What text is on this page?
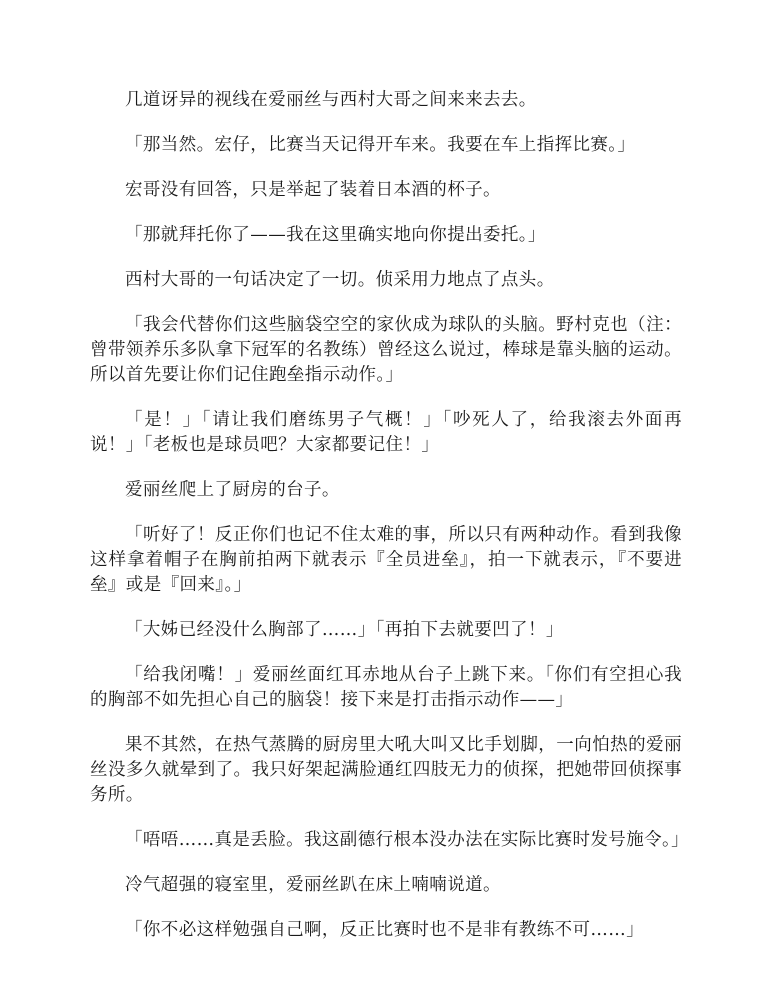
几道讶异的视线在爱丽丝与西村大哥之间来来去去。

「那当然。宏仔，比赛当天记得开车来。我要在车上指挥比赛。」

宏哥没有回答，只是举起了装着日本酒的杯子。

「那就拜托你了——我在这里确实地向你提出委托。」

西村大哥的一句话决定了一切。侦采用力地点了点头。

「我会代替你们这些脑袋空空的家伙成为球队的头脑。野村克也（注：曾带领养乐多队拿下冠军的名教练）曾经这么说过，棒球是靠头脑的运动。所以首先要让你们记住跑垒指示动作。」

「是！」「请让我们磨练男子气概！」「吵死人了，给我滚去外面再说！」「老板也是球员吧？大家都要记住！」

爱丽丝爬上了厨房的台子。

「听好了！反正你们也记不住太难的事，所以只有两种动作。看到我像这样拿着帽子在胸前拍两下就表示『全员进垒』，拍一下就表示，『不要进垒』或是『回来』。」

「大姊已经没什么胸部了……」「再拍下去就要凹了！」

「给我闭嘴！」爱丽丝面红耳赤地从台子上跳下来。「你们有空担心我的胸部不如先担心自己的脑袋！接下来是打击指示动作——」

果不其然，在热气蒸腾的厨房里大吼大叫又比手划脚，一向怕热的爱丽丝没多久就晕到了。我只好架起满脸通红四肢无力的侦探，把她带回侦探事务所。

「唔唔……真是丢脸。我这副德行根本没办法在实际比赛时发号施令。」

冷气超强的寝室里，爱丽丝趴在床上喃喃说道。

「你不必这样勉强自己啊，反正比赛时也不是非有教练不可……」
